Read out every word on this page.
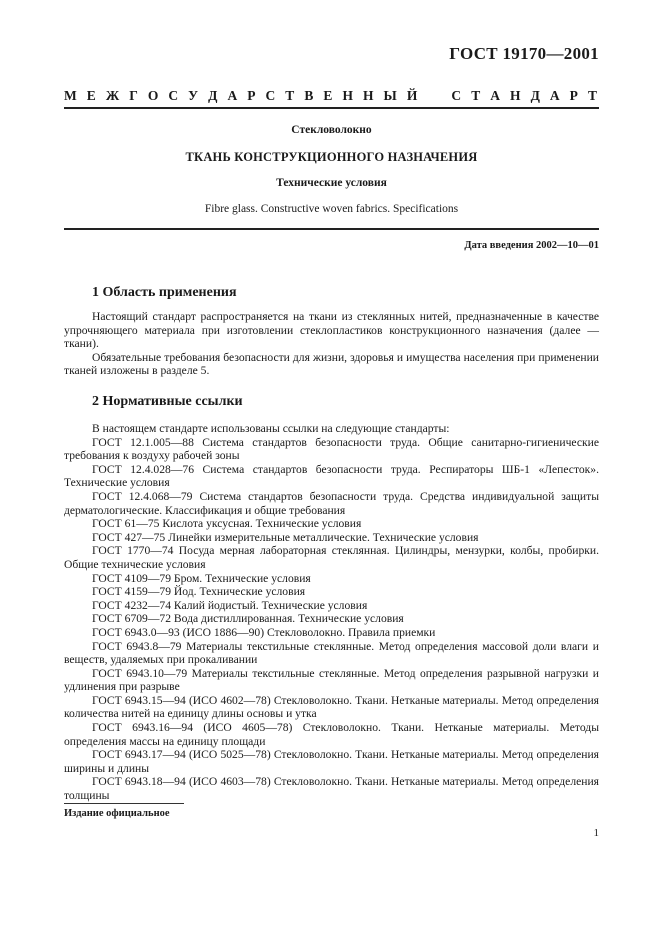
ГОСТ 19170—2001
М Е Ж Г О С У Д А Р С Т В Е Н Н Ы Й
	С Т А Н Д А Р Т
Стекловолокно
ТКАНЬ КОНСТРУКЦИОННОГО НАЗНАЧЕНИЯ
Технические условия
Fibre glass. Constructive woven fabrics. Specifications
Дата введения 2002—10—01
1 Область применения

Настоящий стандарт распространяется на ткани из стеклянных нитей, предназначенные в качестве упрочняющего материала при изготовлении стеклопластиков конструкционного назначения (далее — ткани).

Обязательные требования безопасности для жизни, здоровья и имущества населения при применении тканей изложены в разделе 5.

2 Нормативные ссылки

В настоящем стандарте использованы ссылки на следующие стандарты:

ГОСТ 12.1.005—88 Система стандартов безопасности труда. Общие санитарно-гигиенические требования к воздуху рабочей зоны

ГОСТ 12.4.028—76 Система стандартов безопасности труда. Респираторы ШБ-1 «Лепесток». Технические условия

ГОСТ 12.4.068—79 Система стандартов безопасности труда. Средства индивидуальной защиты дерматологические. Классификация и общие требования

ГОСТ 61—75 Кислота уксусная. Технические условия

ГОСТ 427—75 Линейки измерительные металлические. Технические условия

ГОСТ 1770—74 Посуда мерная лабораторная стеклянная. Цилиндры, мензурки, колбы, пробирки. Общие технические условия

ГОСТ 4109—79 Бром. Технические условия

ГОСТ 4159—79 Йод. Технические условия

ГОСТ 4232—74 Калий йодистый. Технические условия

ГОСТ 6709—72 Вода дистиллированная. Технические условия

ГОСТ 6943.0—93 (ИСО 1886—90) Стекловолокно. Правила приемки

ГОСТ 6943.8—79 Материалы текстильные стеклянные. Метод определения массовой доли влаги и веществ, удаляемых при прокаливании

ГОСТ 6943.10—79 Материалы текстильные стеклянные. Метод определения разрывной нагрузки и удлинения при разрыве

ГОСТ 6943.15—94 (ИСО 4602—78) Стекловолокно. Ткани. Нетканые материалы. Метод определения количества нитей на единицу длины основы и утка

ГОСТ 6943.16—94 (ИСО 4605—78) Стекловолокно. Ткани. Нетканые материалы. Методы определения массы на единицу площади

ГОСТ 6943.17—94 (ИСО 5025—78) Стекловолокно. Ткани. Нетканые материалы. Метод определения ширины и длины

ГОСТ 6943.18—94 (ИСО 4603—78) Стекловолокно. Ткани. Нетканые материалы. Метод определения толщины

Издание официальное
1
